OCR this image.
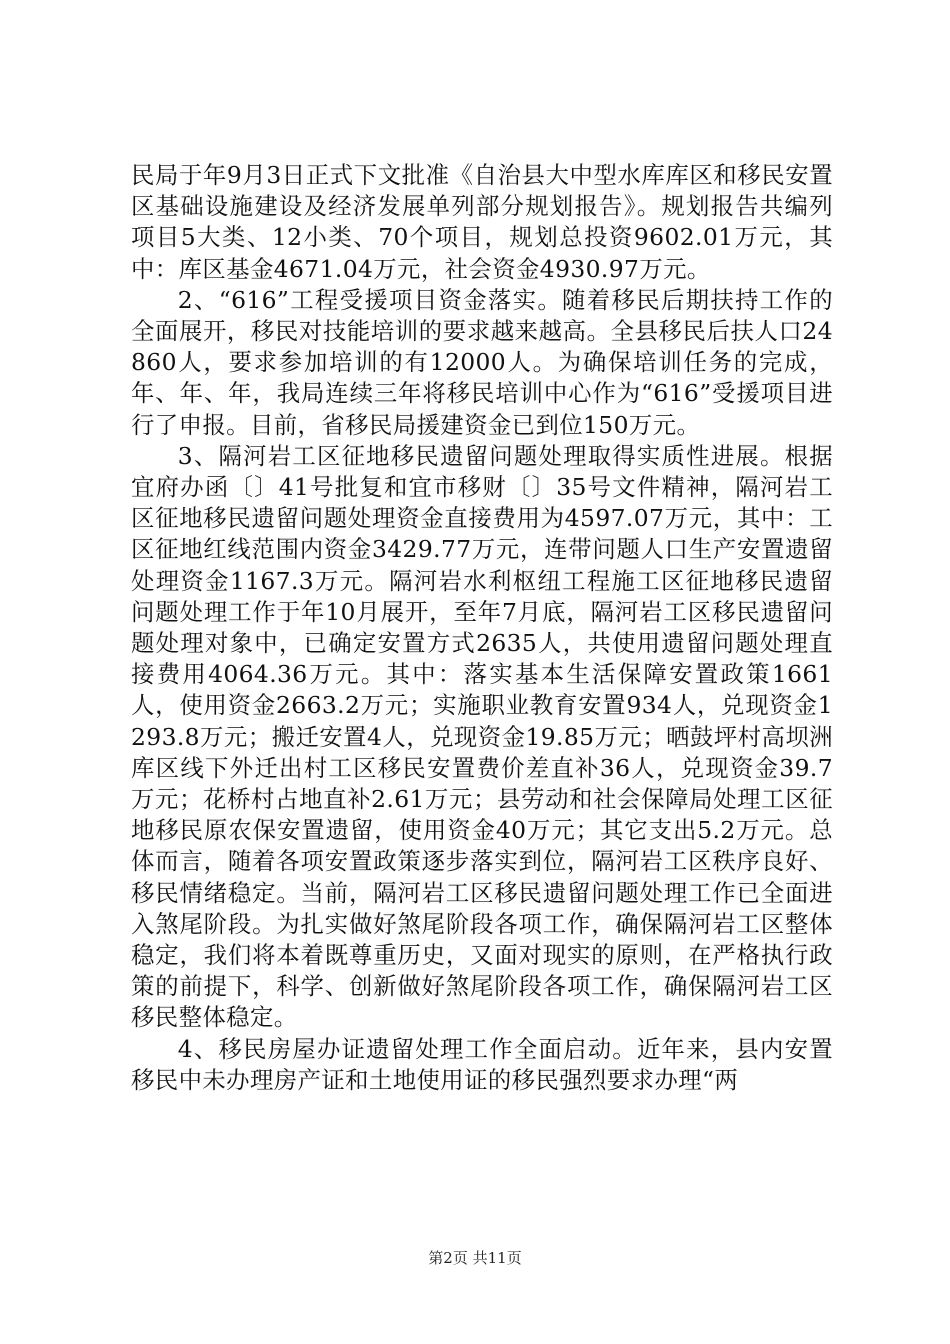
民局于年9月3日正式下文批准《自治县大中型水库库区和移民安置区基础设施建设及经济发展单列部分规划报告》。规划报告共编列项目5大类、12小类、70个项目，规划总投资9602.01万元，其中：库区基金4671.04万元，社会资金4930.97万元。

2、“616”工程受援项目资金落实。随着移民后期扶持工作的全面展开，移民对技能培训的要求越来越高。全县移民后扶人口24860人，要求参加培训的有12000人。为确保培训任务的完成，年、年、年，我局连续三年将移民培训中心作为“616”受援项目进行了申报。目前，省移民局援建资金已到位150万元。

3、隔河岩工区征地移民遗留问题处理取得实质性进展。根据宜府办函〔〕41号批复和宜市移财〔〕35号文件精神，隔河岩工区征地移民遗留问题处理资金直接费用为4597.07万元，其中：工区征地红线范围内资金3429.77万元，连带问题人口生产安置遗留处理资金1167.3万元。隔河岩水利枢纽工程施工区征地移民遗留问题处理工作于年10月展开，至年7月底，隔河岩工区移民遗留问题处理对象中，已确定安置方式2635人，共使用遗留问题处理直接费用4064.36万元。其中：落实基本生活保障安置政策1661人，使用资金2663.2万元；实施职业教育安置934人，兑现资金1293.8万元；搬迁安置4人，兑现资金19.85万元；晒鼓坪村高坝洲库区线下外迁出村工区移民安置费价差直补36人，兑现资金39.7万元；花桥村占地直补2.61万元；县劳动和社会保障局处理工区征地移民原农保安置遗留，使用资金40万元；其它支出5.2万元。总体而言，随着各项安置政策逐步落实到位，隔河岩工区秩序良好、移民情绪稳定。当前，隔河岩工区移民遗留问题处理工作已全面进入煞尾阶段。为扎实做好煞尾阶段各项工作，确保隔河岩工区整体稳定，我们将本着既尊重历史，又面对现实的原则，在严格执行政策的前提下，科学、创新做好煞尾阶段各项工作，确保隔河岩工区移民整体稳定。

4、移民房屋办证遗留处理工作全面启动。近年来，县内安置移民中未办理房产证和土地使用证的移民强烈要求办理“两

第2页 共11页
